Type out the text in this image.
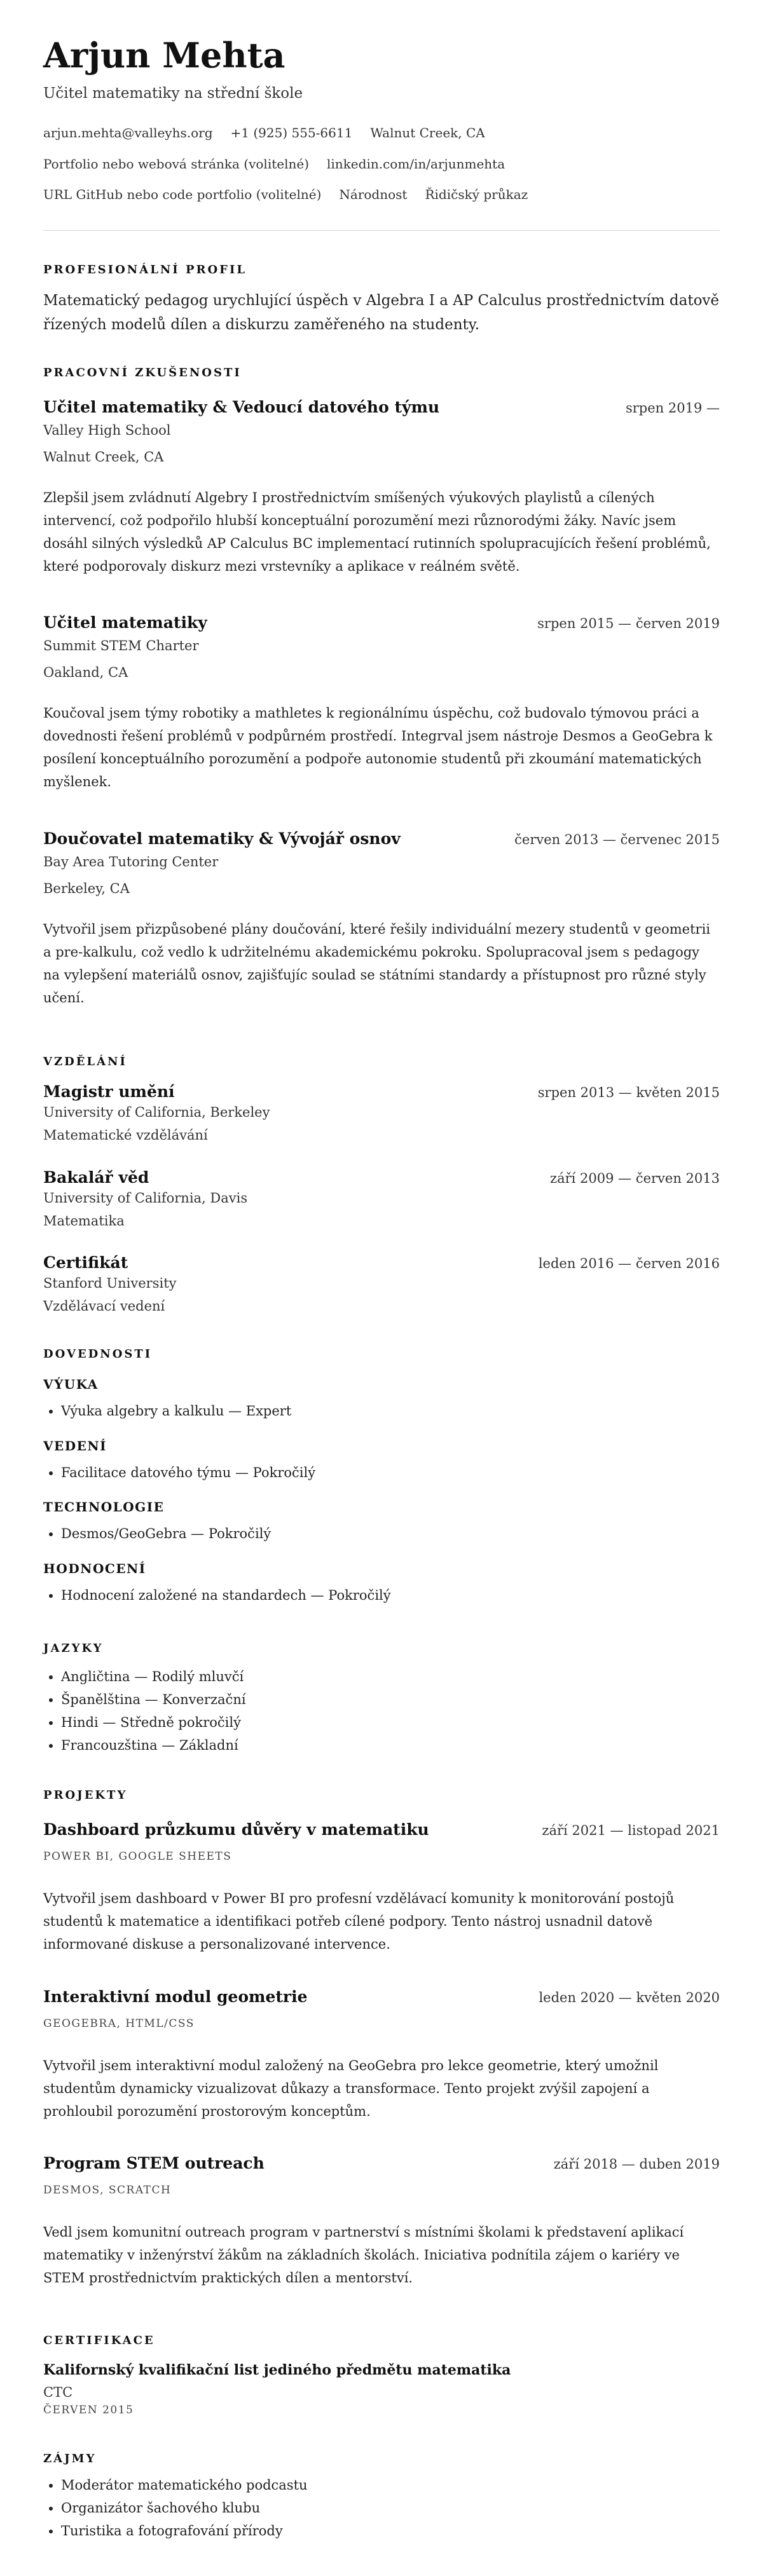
Arjun Mehta
Učitel matematiky na střední škole
arjun.mehta@valleyhs.org +1 (925) 555-6611 Walnut Creek, CA
Portfolio nebo webová stránka (volitelné) linkedin.com/in/arjunmehta
URL GitHub nebo code portfolio (volitelné) Národnost Řidičský průkaz
PROFESIONÁLNÍ PROFIL
Matematický pedagog urychlující úspěch v Algebra I a AP Calculus prostřednictvím datově řízených modelů dílen a diskurzu zaměřeného na studenty.
PRACOVNÍ ZKUŠENOSTI
Učitel matematiky & Vedoucí datového týmu	srpen 2019 —
Valley High School
Walnut Creek, CA
Zlepšil jsem zvládnutí Algebry I prostřednictvím smíšených výukových playlistů a cílených intervencí, což podpořilo hlubší konceptuální porozumění mezi různorodými žáky. Navíc jsem dosáhl silných výsledků AP Calculus BC implementací rutinních spolupracujících řešení problémů, které podporovaly diskurz mezi vrstevníky a aplikace v reálném světě.
Učitel matematiky	srpen 2015 — červen 2019
Summit STEM Charter
Oakland, CA
Koučoval jsem týmy robotiky a mathletes k regionálnímu úspěchu, což budovalo týmovou práci a dovednosti řešení problémů v podpůrném prostředí. Integrval jsem nástroje Desmos a GeoGebra k posílení konceptuálního porozumění a podpoře autonomie studentů při zkoumání matematických myšlenek.
Doučovatel matematiky & Vývojář osnov	červen 2013 — červenec 2015
Bay Area Tutoring Center
Berkeley, CA
Vytvořil jsem přizpůsobené plány doučování, které řešily individuální mezery studentů v geometrii a pre-kalkulu, což vedlo k udržitelnému akademickému pokroku. Spolupracoval jsem s pedagogy na vylepšení materiálů osnov, zajišťujíc soulad se státními standardy a přístupnost pro různé styly učení.
VZDĚLÁNÍ
Magistr umění	srpen 2013 — květen 2015
University of California, Berkeley
Matematické vzdělávání
Bakalář věd	září 2009 — červen 2013
University of California, Davis
Matematika
Certifikát	leden 2016 — červen 2016
Stanford University
Vzdělávací vedení
DOVEDNOSTI
VÝUKA
• Výuka algebry a kalkulu — Expert
VEDENÍ
• Facilitace datového týmu — Pokročilý
TECHNOLOGIE
• Desmos/GeoGebra — Pokročilý
HODNOCENÍ
• Hodnocení založené na standardech — Pokročilý
JAZYKY
• Angličtina — Rodilý mluvčí
• Španělština — Konverzační
• Hindi — Středně pokročilý
• Francouzština — Základní
PROJEKTY
Dashboard průzkumu důvěry v matematiku	září 2021 — listopad 2021
POWER BI, GOOGLE SHEETS
Vytvořil jsem dashboard v Power BI pro profesní vzdělávací komunity k monitorování postojů studentů k matematice a identifikaci potřeb cílené podpory. Tento nástroj usnadnil datově informované diskuse a personalizované intervence.
Interaktivní modul geometrie	leden 2020 — květen 2020
GEOGEBRA, HTML/CSS
Vytvořil jsem interaktivní modul založený na GeoGebra pro lekce geometrie, který umožnil studentům dynamicky vizualizovat důkazy a transformace. Tento projekt zvýšil zapojení a prohloubil porozumění prostorovým konceptům.
Program STEM outreach	září 2018 — duben 2019
DESMOS, SCRATCH
Vedl jsem komunitní outreach program v partnerství s místními školami k představení aplikací matematiky v inženýrství žákům na základních školách. Iniciativa podnítila zájem o kariéry ve STEM prostřednictvím praktických dílen a mentorství.
CERTIFIKACE
Kalifornský kvalifikační list jediného předmětu matematika
CTC
ČERVEN 2015
ZÁJMY
• Moderátor matematického podcastu
• Organizátor šachového klubu
• Turistika a fotografování přírody
